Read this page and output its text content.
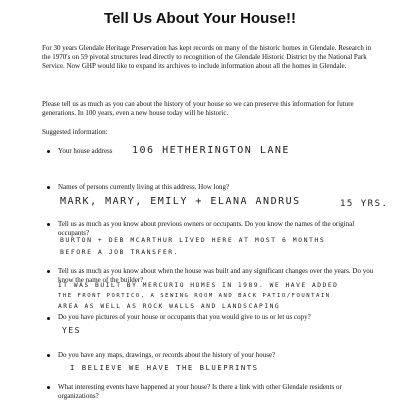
Tell Us About Your House!!

For 30 years Glendale Heritage Preservation has kept records on many of the historic homes in Glendale. Research in the 1970's on 59 pivotal structures lead directly to recognition of the Glendale Historic District by the National Park Service. Now GHP would like to expand its archives to include information about all the homes in Glendale.

Please tell us as much as you can about the history of your house so we can preserve this information for future generations. In 100 years, even a new house today will be historic.

Suggested information:

Your house address	106 HETHERINGTON LANE

Names of persons currently living at this address. How long?

MARK, MARY, EMILY + ELANA ANDRUS	15 YRS.

Tell us as much as you know about previous owners or occupants. Do you know the names of the original occupants?

BURTON + DEB MCARTHUR LIVED HERE AT MOST 6 MONTHS
BEFORE A JOB TRANSFER.

Tell us as much as you know about when the house was built and any significant changes over the years. Do you know the name of the builder?

IT WAS BUILT BY MERCURIO HOMES IN 1989. WE HAVE ADDED
THE FRONT PORTICO, A SEWING ROOM AND BACK PATIO/FOUNTAIN
AREA AS WELL AS ROCK WALLS AND LANDSCAPING

Do you have pictures of your house or occupants that you would give to us or let us copy?

YES

Do you have any maps, drawings, or records about the history of your house?

I BELIEVE WE HAVE THE BLUEPRINTS

What interesting events have happened at your house? Is there a link with other Glendale residents or organizations?
